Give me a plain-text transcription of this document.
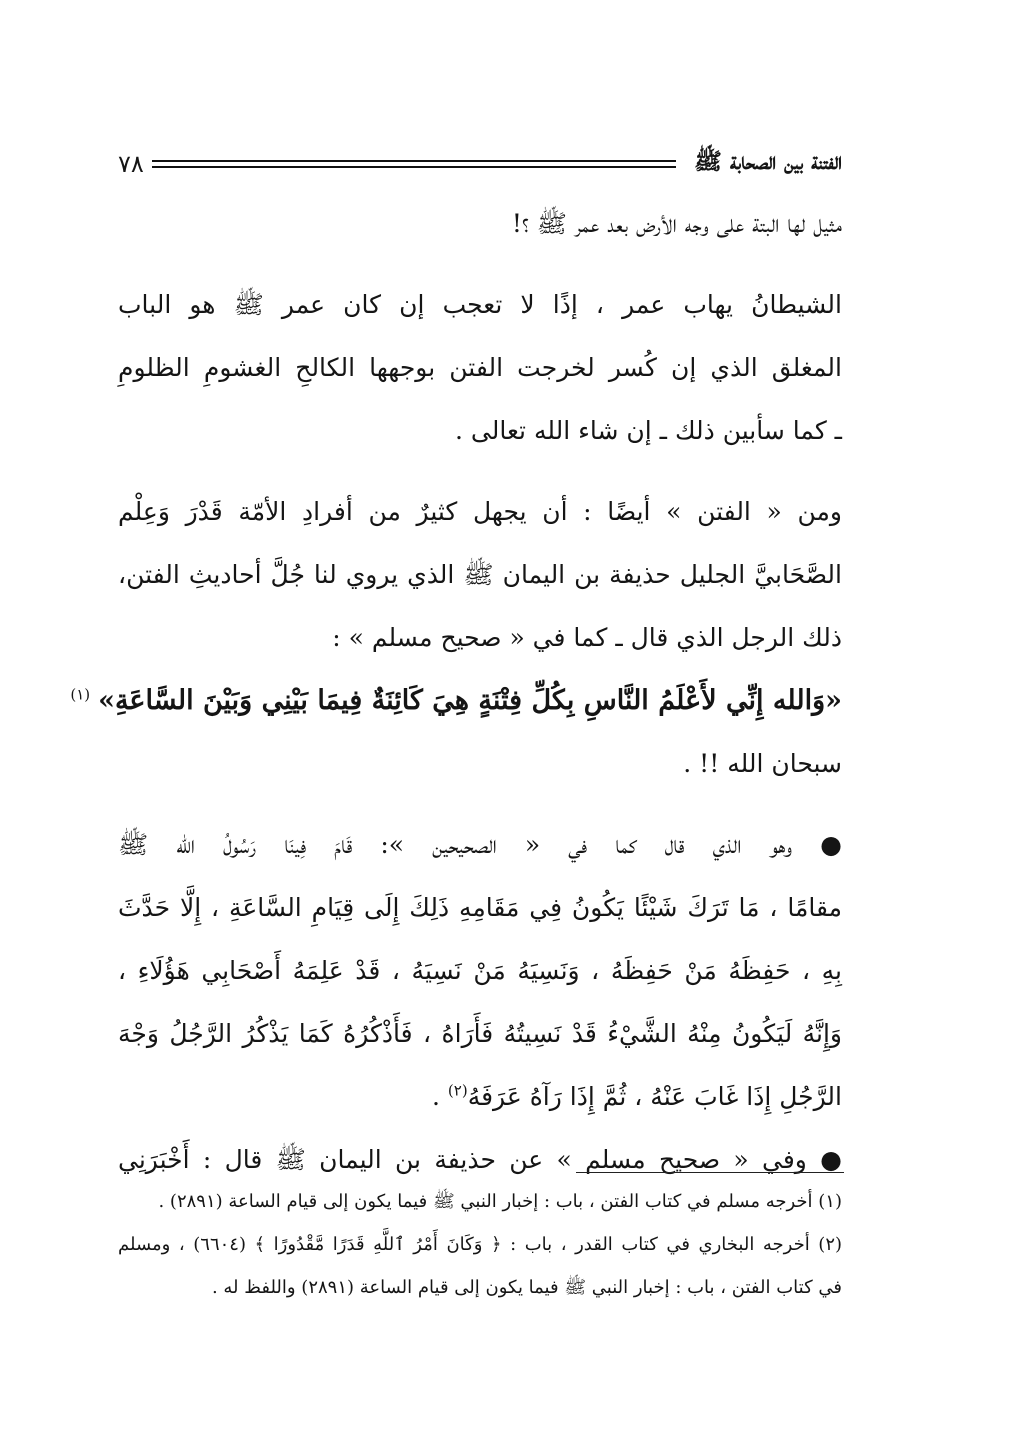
الفتنة بين الصحابة ﷺ
٧٨
مثيل لها البتة على وجه الأرض بعد عمر ﷺ ؟!
الشيطانُ يهاب عمر ، إذًا لا تعجب إن كان عمر ﷺ هو الباب
المغلق الذي إن كُسر لخرجت الفتن بوجهها الكالحِ الغشومِ الظلومِ
ـ كما سأبين ذلك ـ إن شاء الله تعالى .
ومن « الفتن » أيضًا : أن يجهل كثيرٌ من أفرادِ الأمّة قَدْرَ وَعِلْم
الصَّحَابيَّ الجليل حذيفة بن اليمان ﷺ الذي يروي لنا جُلَّ أحاديثِ الفتن،
ذلك الرجل الذي قال ـ كما في « صحيح مسلم » :
«وَالله إِنِّي لأَعْلَمُ النَّاسِ بِكُلِّ فِتْنَةٍ هِيَ كَائِنَةٌ فِيمَا بَيْنِي وَبَيْنَ السَّاعَةِ» $^{(١)}$
سبحان الله !! .
● وهو الذي قال كما في « الصحيحين »: قَامَ فِينَا رَسُولُ الله ﷺ
مقامًا ، مَا تَرَكَ شَيْئًا يَكُونُ فِي مَقَامِهِ ذَلِكَ إِلَى قِيَامِ السَّاعَةِ ، إِلَّا حَدَّثَ
بِهِ ، حَفِظَهُ مَنْ حَفِظَهُ ، وَنَسِيَهُ مَنْ نَسِيَهُ ، قَدْ عَلِمَهُ أَصْحَابِي هَؤُلَاءِ ،
وَإِنَّهُ لَيَكُونُ مِنْهُ الشَّيْءُ قَدْ نَسِيتُهُ فَأَرَاهُ ، فَأَذْكُرُهُ كَمَا يَذْكُرُ الرَّجُلُ وَجْهَ
الرَّجُلِ إِذَا غَابَ عَنْهُ ، ثُمَّ إِذَا رَآهُ عَرَفَهُ$^{(٢)}$ .
● وفي « صحيح مسلم » عن حذيفة بن اليمان ﷺ قال : أَخْبَرَنِي
(١) أخرجه مسلم في كتاب الفتن ، باب : إخبار النبي ﷺ فيما يكون إلى قيام الساعة (٢٨٩١) .
(٢) أخرجه البخاري في كتاب القدر ، باب : ﴿ وَكَانَ أَمْرُ ٱللَّهِ قَدَرًا مَّقْدُورًا ﴾ (٦٦٠٤) ، ومسلم
في كتاب الفتن ، باب : إخبار النبي ﷺ فيما يكون إلى قيام الساعة (٢٨٩١) واللفظ له .
